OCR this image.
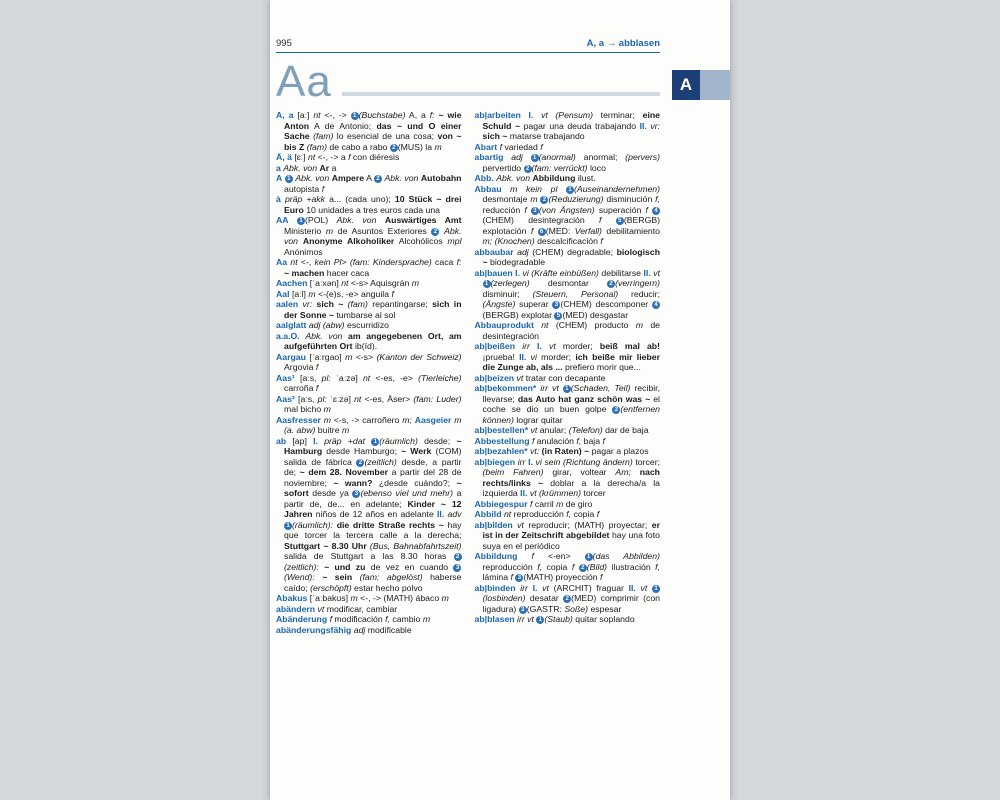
995	A, a → abblasen
Aa

A, a [aː] nt <-, -> 1 (Buchstabe) A, a f: ~ wie Anton A de Antonio; das ~ und O einer Sache (fam) lo esencial de una cosa; von ~ bis Z (fam) de cabo a rabo 2 (MUS) la m

Ä, ä [ɛː] nt <-, -> a f con diéresis

a Abk. von Ar a

A 1 Abk. von Ampere A 2 Abk. von Autobahn autopista f

à präp +akk a... (cada uno); 10 Stück ~ drei Euro 10 unidades a tres euros cada una

AA 1 (POL) Abk. von Auswärtiges Amt Ministerio m de Asuntos Exteriores 2 Abk. von Anonyme Alkoholiker Alcohólicos mpl Anónimos

Aa nt <-, kein Pl> (fam: Kindersprache) caca f: ~ machen hacer caca

Aachen [ˈaːxən] nt <-s> Aquisgrán m

Aal [aːl] m <-(e)s, -e> anguila f

aalen vr: sich ~ (fam) repantingarse; sich in der Sonne ~ tumbarse al sol

aalglatt adj (abw) escurridizo

a.a.O. Abk. von am angegebenen Ort, am aufgeführten Ort ib(íd).

Aargau [ˈaːrgao] m <-s> (Kanton der Schweiz) Argovia f

Aas¹ [aːs, pl: ˈaːzə] nt <-es, -e> (Tierleiche) carroña f

Aas² [aːs, pl: ˈɛːzə] nt <-es, Äser> (fam: Luder) mal bicho m

Aasfresser m <-s, -> carroñero m; Aasgeier m (a. abw) buitre m

ab [ap] I. präp +dat 1 (räumlich) desde; ~ Hamburg desde Hamburgo; ~ Werk (COM) salida de fábrica 2 (zeitlich) desde, a partir de; ~ dem 28. November a partir del 28 de noviembre; ~ wann? ¿desde cuándo?; ~ sofort desde ya 3 (ebenso viel und mehr) a partir de, de... en adelante; Kinder ~ 12 Jahren niños de 12 años en adelante II. adv 1 (räumlich): die dritte Straße rechts ~ hay que torcer la tercera calle a la derecha; Stuttgart ~ 8.30 Uhr (Bus, Bahnabfahrtszeit) salida de Stuttgart a las 8.30 horas 2(zeitlich): ~ und zu de vez en cuando 3(Wend): ~ sein (fam: abgelöst) haberse caído; (erschöpft) estar hecho polvo

Abakus [ˈaːbakʊs] m <-, -> (MATH) ábaco m

abändern vt modificar, cambiar

Abänderung f modificación f, cambio m

abänderungsfähig adj modificable

ab|arbeiten I. vt (Pensum) terminar; eine Schuld ~ pagar una deuda trabajando II. vr: sich ~ matarse trabajando

Abart f variedad f

abartig adj 1 (anormal) anormal; (pervers) pervertido 2 (fam: verrückt) loco

Abb. Abk. von Abbildung ilust.

Abbau m kein pl 1 (Auseinandernehmen) desmontaje m 2 (Reduzierung) disminución f, reducción f 3 (von Ängsten) superación f 4(CHEM) desintegración f	5 (BERGB) explotación f 6 (MED: Verfall) debilitamiento m; (Knochen) descalcificación f

abbaubar adj (CHEM) degradable; biologisch ~ biodegradable

ab|bauen I. vi (Kräfte einbüßen) debilitarse II. vt 1 (zerlegen) desmontar 2 (verringern) disminuir; (Steuern, Personal) reducir; (Ängste) superar 3 (CHEM) descomponer 4(BERGB) explotar 5 (MED) desgastar

Abbauprodukt nt (CHEM) producto m de desintegración

ab|beißen irr I. vt morder; beiß mal ab! ¡prueba! II. vi morder; ich beiße mir lieber die Zunge ab, als ... prefiero morir que...

ab|beizen vt tratar con decapante

ab|bekommen* irr vt 1 (Schaden, Teil) recibir, llevarse; das Auto hat ganz schön was ~ el coche se dio un buen golpe 2 (entfernen können) lograr quitar

ab|bestellen* vt anular; (Telefon) dar de baja

Abbestellung f anulación f, baja f

ab|bezahlen* vt: (in Raten) ~ pagar a plazos

ab|biegen irr I. vi sein (Richtung ändern) torcer; (beim Fahren) girar, voltear Am; nach rechts/links ~ doblar a la derecha/a la izquierda II. vt (krümmen) torcer

Abbiegespur f carril m de giro

Abbild nt reproducción f, copia f

ab|bilden vt reproducir; (MATH) proyectar; er ist in der Zeitschrift abgebildet hay una foto suya en el periódico

Abbildung f <-en> 1 (das Abbilden) reproducción f, copia f 2 (Bild) ilustración f, lámina f 3 (MATH) proyección f

ab|binden irr I. vt (ARCHIT) fraguar II. vt 1(losbinden) desatar 2 (MED) comprimir (con ligadura) 3 (GASTR: Soße) espesar

ab|blasen irr vt 1 (Staub) quitar soplando

A
